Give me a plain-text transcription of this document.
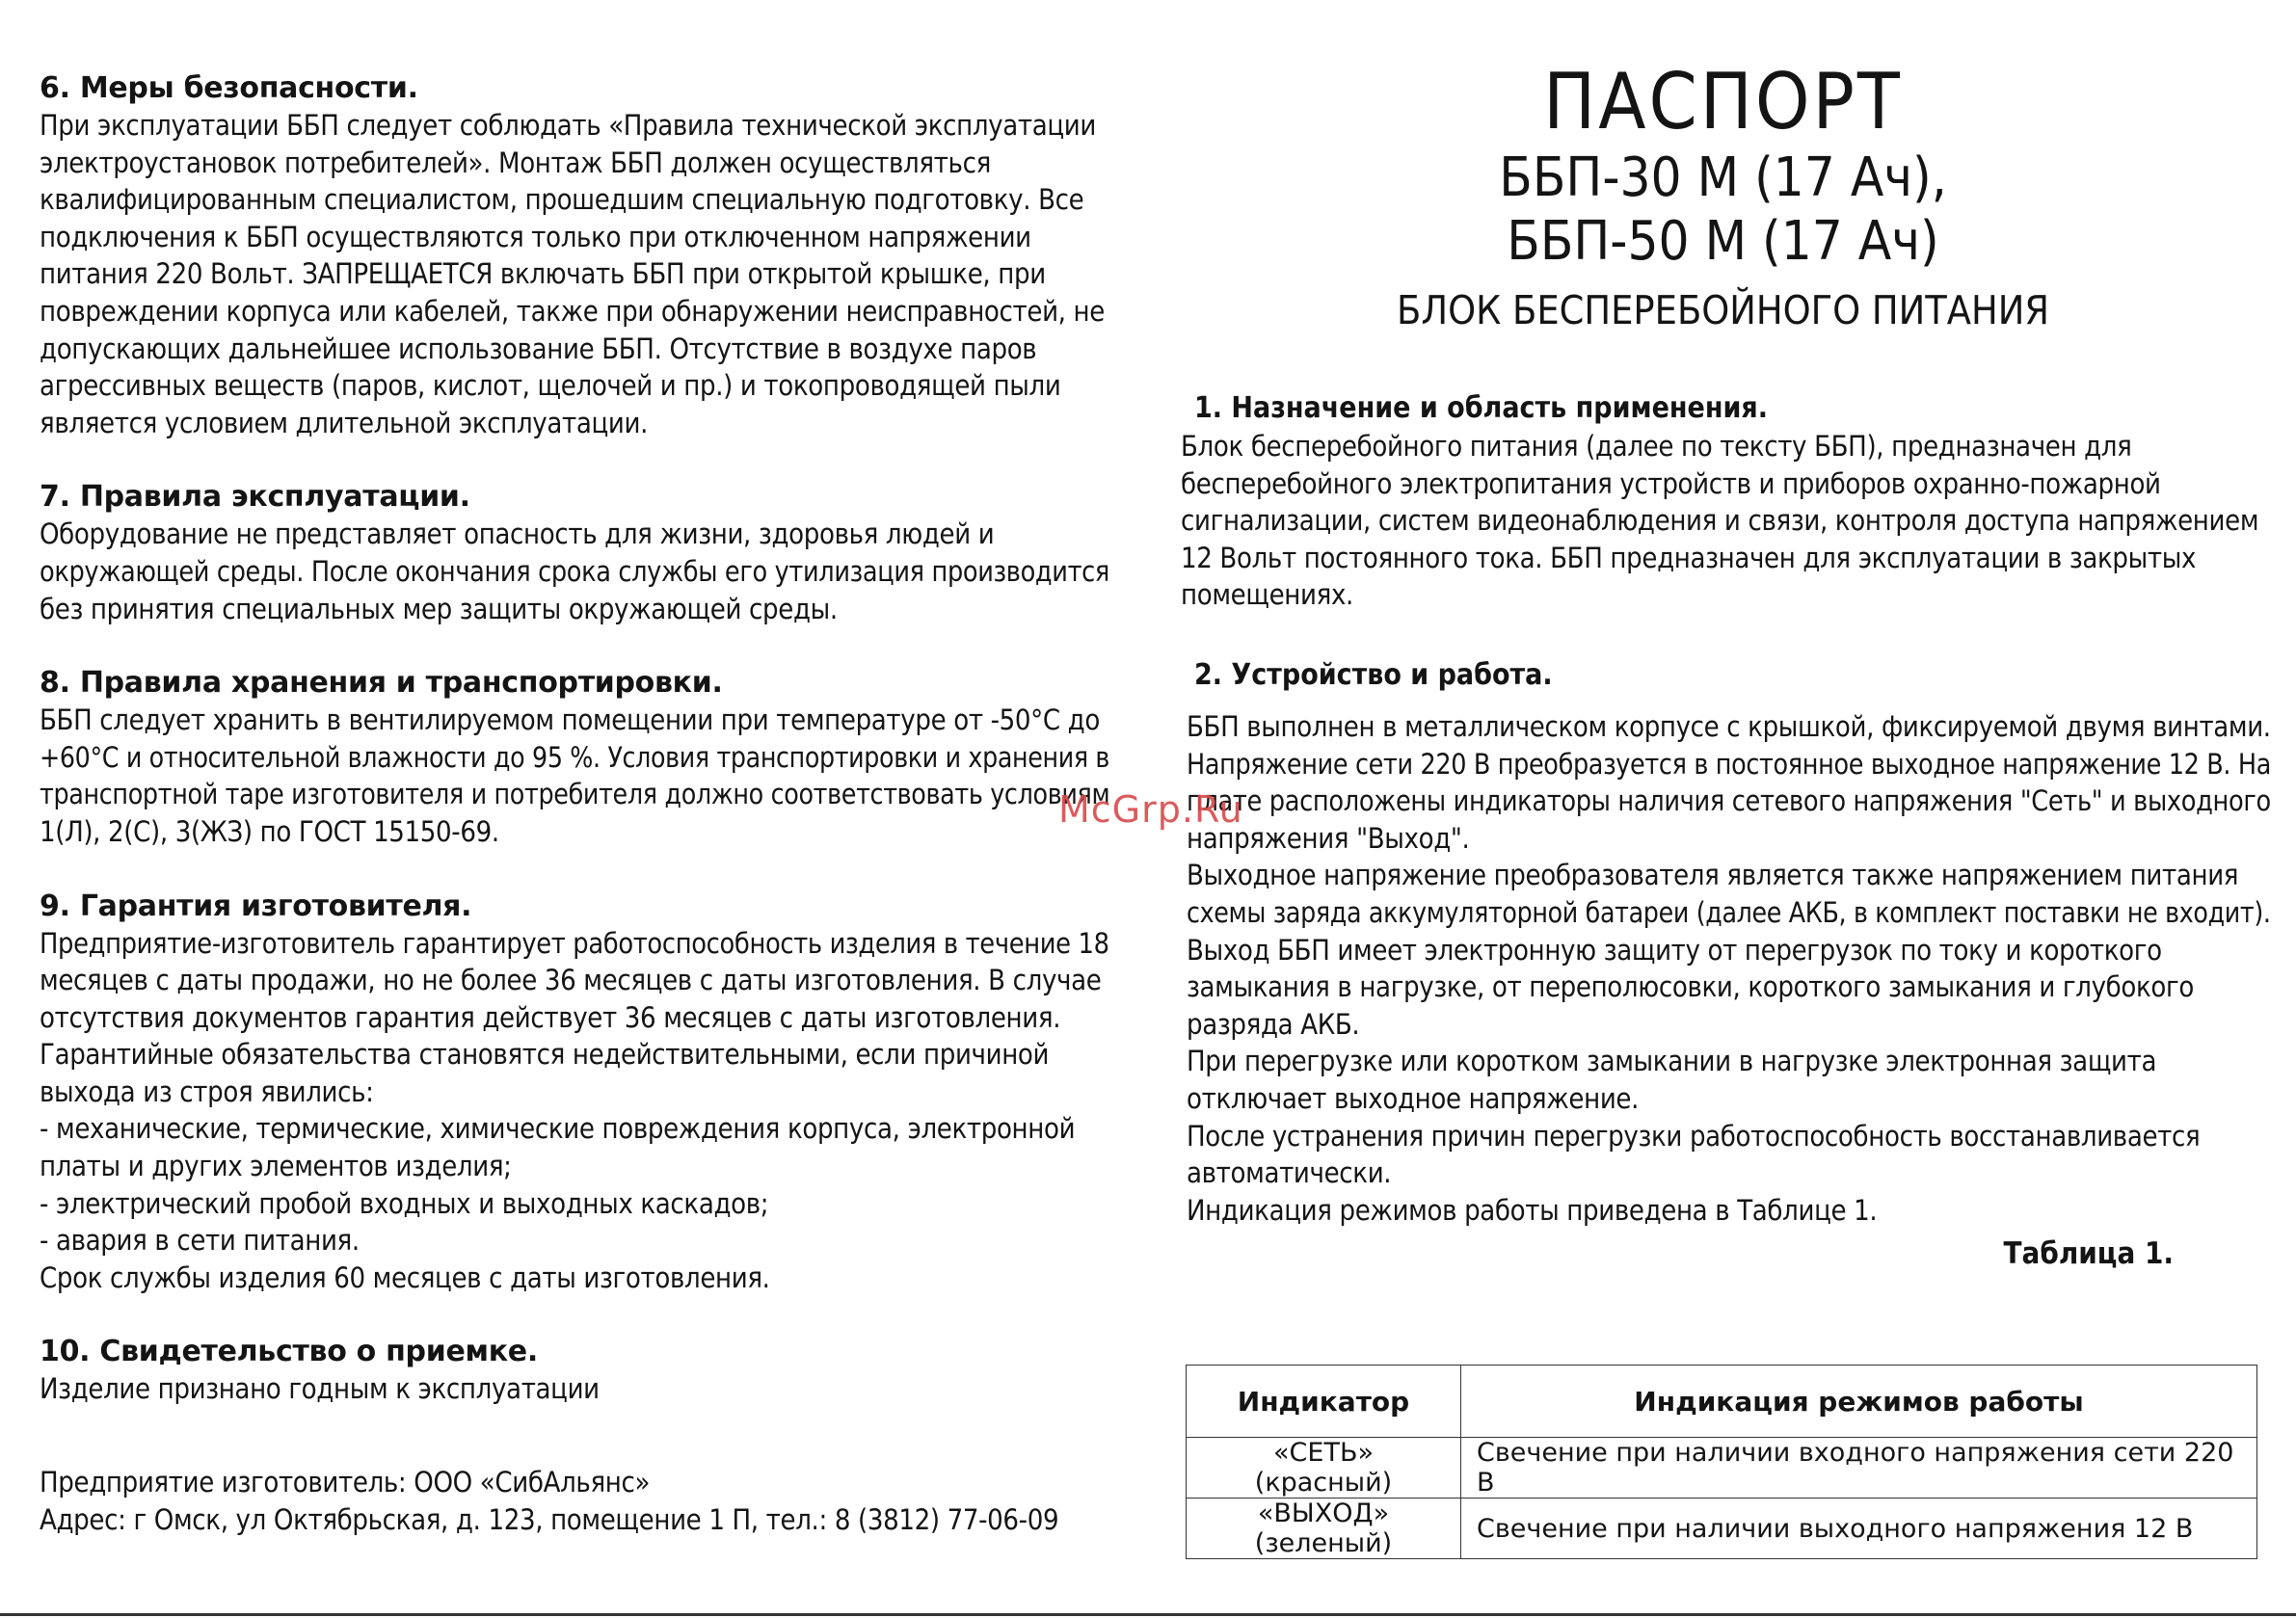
6. Меры безопасности.

При эксплуатации ББП следует соблюдать «Правила технической эксплуатации

электроустановок потребителей». Монтаж ББП должен осуществляться

квалифицированным специалистом, прошедшим специальную подготовку. Все

подключения к ББП осуществляются только при отключенном напряжении

питания 220 Вольт. ЗАПРЕЩАЕТСЯ включать ББП при открытой крышке, при

повреждении корпуса или кабелей, также при обнаружении неисправностей, не

допускающих дальнейшее использование ББП. Отсутствие в воздухе паров

агрессивных веществ (паров, кислот, щелочей и пр.) и токопроводящей пыли

является условием длительной эксплуатации.

7. Правила эксплуатации.

Оборудование не представляет опасность для жизни, здоровья людей и

окружающей среды. После окончания срока службы его утилизация производится

без принятия специальных мер защиты окружающей среды.

8. Правила хранения и транспортировки.

ББП следует хранить в вентилируемом помещении при температуре от -50°С до

+60°С и относительной влажности до 95 %. Условия транспортировки и хранения в

транспортной таре изготовителя и потребителя должно соответствовать условиям

1(Л), 2(С), 3(ЖЗ) по ГОСТ 15150-69.

9. Гарантия изготовителя.

Предприятие-изготовитель гарантирует работоспособность изделия в течение 18

месяцев с даты продажи, но не более 36 месяцев с даты изготовления. В случае

отсутствия документов гарантия действует 36 месяцев с даты изготовления.

Гарантийные обязательства становятся недействительными, если причиной

выхода из строя явились:

- механические, термические, химические повреждения корпуса, электронной

платы и других элементов изделия;

- электрический пробой входных и выходных каскадов;

- авария в сети питания.

Срок службы изделия 60 месяцев с даты изготовления.

10. Свидетельство о приемке.

Изделие признано годным к эксплуатации

Предприятие изготовитель: ООО «СибАльянс»

Адрес: г Омск, ул Октябрьская, д. 123, помещение 1 П, тел.: 8 (3812) 77-06-09

ПАСПОРТ

ББП-30 М (17 Ач),

ББП-50 М (17 Ач)

БЛОК БЕСПЕРЕБОЙНОГО ПИТАНИЯ

1. Назначение и область применения.

Блок бесперебойного питания (далее по тексту ББП), предназначен для

бесперебойного электропитания устройств и приборов охранно-пожарной

сигнализации, систем видеонаблюдения и связи, контроля доступа напряжением

12 Вольт постоянного тока. ББП предназначен для эксплуатации в закрытых

помещениях.

2. Устройство и работа.

ББП выполнен в металлическом корпусе с крышкой, фиксируемой двумя винтами.

Напряжение сети 220 В преобразуется в постоянное выходное напряжение 12 В. На

плате расположены индикаторы наличия сетевого напряжения "Сеть" и выходного

напряжения "Выход".

Выходное напряжение преобразователя является также напряжением питания

схемы заряда аккумуляторной батареи (далее АКБ, в комплект поставки не входит).

Выход ББП имеет электронную защиту от перегрузок по току и короткого

замыкания в нагрузке, от переполюсовки, короткого замыкания и глубокого

разряда АКБ.

При перегрузке или коротком замыкании в нагрузке электронная защита

отключает выходное напряжение.

После устранения причин перегрузки работоспособность восстанавливается

автоматически.

Индикация режимов работы приведена в Таблице 1.

Таблица 1.
Индикатор	Индикация режимов работы
«СЕТЬ» (красный)	Свечение при наличии входного напряжения сети 220 В
«ВЫХОД» (зеленый)	Свечение при наличии выходного напряжения 12 В
McGrp.Ru
